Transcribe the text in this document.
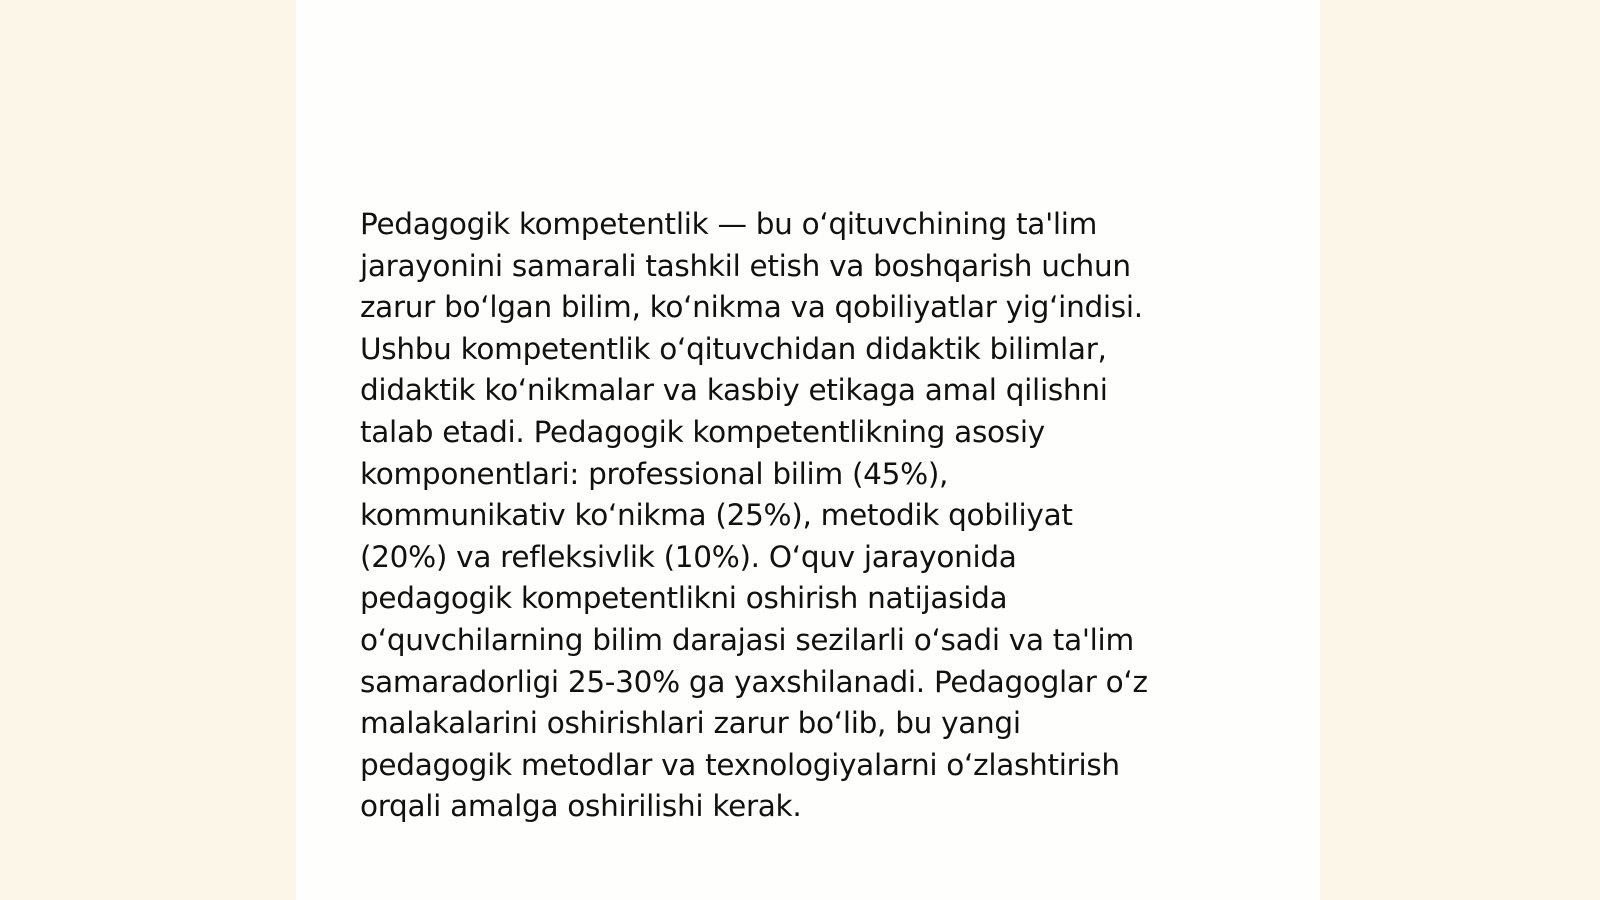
Pedagogik kompetentlik — bu oʻqituvchining ta'lim
jarayonini samarali tashkil etish va boshqarish uchun
zarur boʻlgan bilim, koʻnikma va qobiliyatlar yigʻindisi.
Ushbu kompetentlik oʻqituvchidan didaktik bilimlar,
didaktik koʻnikmalar va kasbiy etikaga amal qilishni
talab etadi. Pedagogik kompetentlikning asosiy
komponentlari: professional bilim (45%),
kommunikativ koʻnikma (25%), metodik qobiliyat
(20%) va refleksivlik (10%). Oʻquv jarayonida
pedagogik kompetentlikni oshirish natijasida
oʻquvchilarning bilim darajasi sezilarli oʻsadi va ta'lim
samaradorligi 25-30% ga yaxshilanadi. Pedagoglar oʻz
malakalarini oshirishlari zarur boʻlib, bu yangi
pedagogik metodlar va texnologiyalarni oʻzlashtirish
orqali amalga oshirilishi kerak.
